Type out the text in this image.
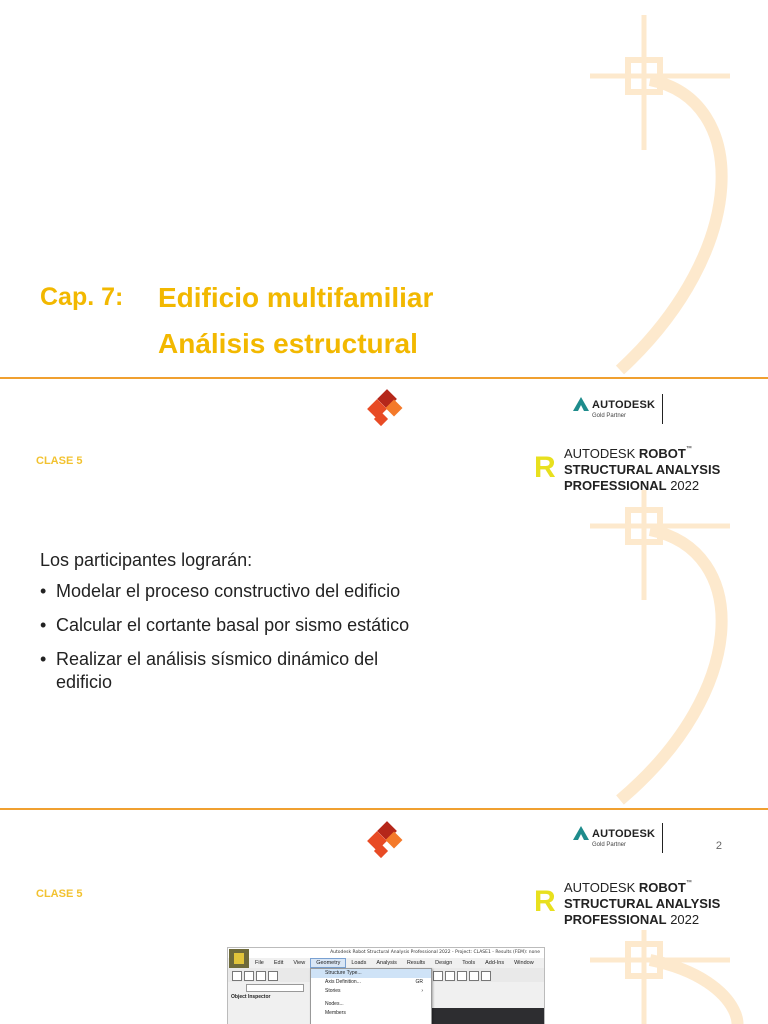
Cap. 7: Edificio multifamiliar
Análisis estructural
AUTODESK
Gold Partner
CLASE 5	R AUTODESK ROBOT™
STRUCTURAL ANALYSIS
PROFESSIONAL 2022
Los participantes lograrán:
• Modelar el proceso constructivo del edificio
• Calcular el cortante basal por sismo estático
• Realizar el análisis sísmico dinámico del edificio
AUTODESK
Gold Partner	2
CLASE 5	R AUTODESK ROBOT™
STRUCTURAL ANALYSIS
PROFESSIONAL 2022
Autodesk Robot Structural Analysis Professional 2022 - Project: CLASE1 - Results (FEM): none
File	Edit	View	Geometry	Loads	Analysis	Results	Design	Tools	Add-Ins	Window
Object Inspector
Structure Type...
Axis Definition...	GR
Stories	›
Nodes...
Members
